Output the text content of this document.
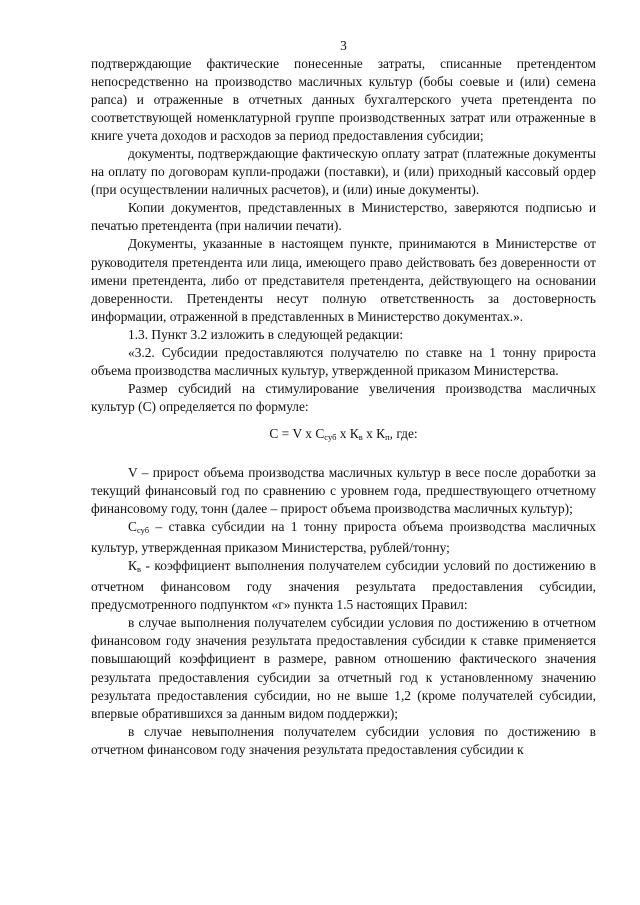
3

подтверждающие фактические понесенные затраты, списанные претендентом непосредственно на производство масличных культур (бобы соевые и (или) семена рапса) и отраженные в отчетных данных бухгалтерского учета претендента по соответствующей номенклатурной группе производственных затрат или отраженные в книге учета доходов и расходов за период предоставления субсидии;

документы, подтверждающие фактическую оплату затрат (платежные документы на оплату по договорам купли-продажи (поставки), и (или) приходный кассовый ордер (при осуществлении наличных расчетов), и (или) иные документы).

Копии документов, представленных в Министерство, заверяются подписью и печатью претендента (при наличии печати).

Документы, указанные в настоящем пункте, принимаются в Министерстве от руководителя претендента или лица, имеющего право действовать без доверенности от имени претендента, либо от представителя претендента, действующего на основании доверенности. Претенденты несут полную ответственность за достоверность информации, отраженной в представленных в Министерство документах.».

1.3. Пункт 3.2 изложить в следующей редакции:

«3.2. Субсидии предоставляются получателю по ставке на 1 тонну прироста объема производства масличных культур, утвержденной приказом Министерства.

Размер субсидий на стимулирование увеличения производства масличных культур (С) определяется по формуле:

С = V х $С_{суб}$ х $К_в$ х $К_п$, где:

V – прирост объема производства масличных культур в весе после доработки за текущий финансовый год по сравнению с уровнем года, предшествующего отчетному финансовому году, тонн (далее – прирост объема производства масличных культур);

$С_{суб}$ – ставка субсидии на 1 тонну прироста объема производства масличных культур, утвержденная приказом Министерства, рублей/тонну;

$К_в$ - коэффициент выполнения получателем субсидии условий по достижению в отчетном финансовом году значения результата предоставления субсидии, предусмотренного подпунктом «г» пункта 1.5 настоящих Правил:

в случае выполнения получателем субсидии условия по достижению в отчетном финансовом году значения результата предоставления субсидии к ставке применяется повышающий коэффициент в размере, равном отношению фактического значения результата предоставления субсидии за отчетный год к установленному значению результата предоставления субсидии, но не выше 1,2 (кроме получателей субсидии, впервые обратившихся за данным видом поддержки);

в случае невыполнения получателем субсидии условия по достижению в отчетном финансовом году значения результата предоставления субсидии к
